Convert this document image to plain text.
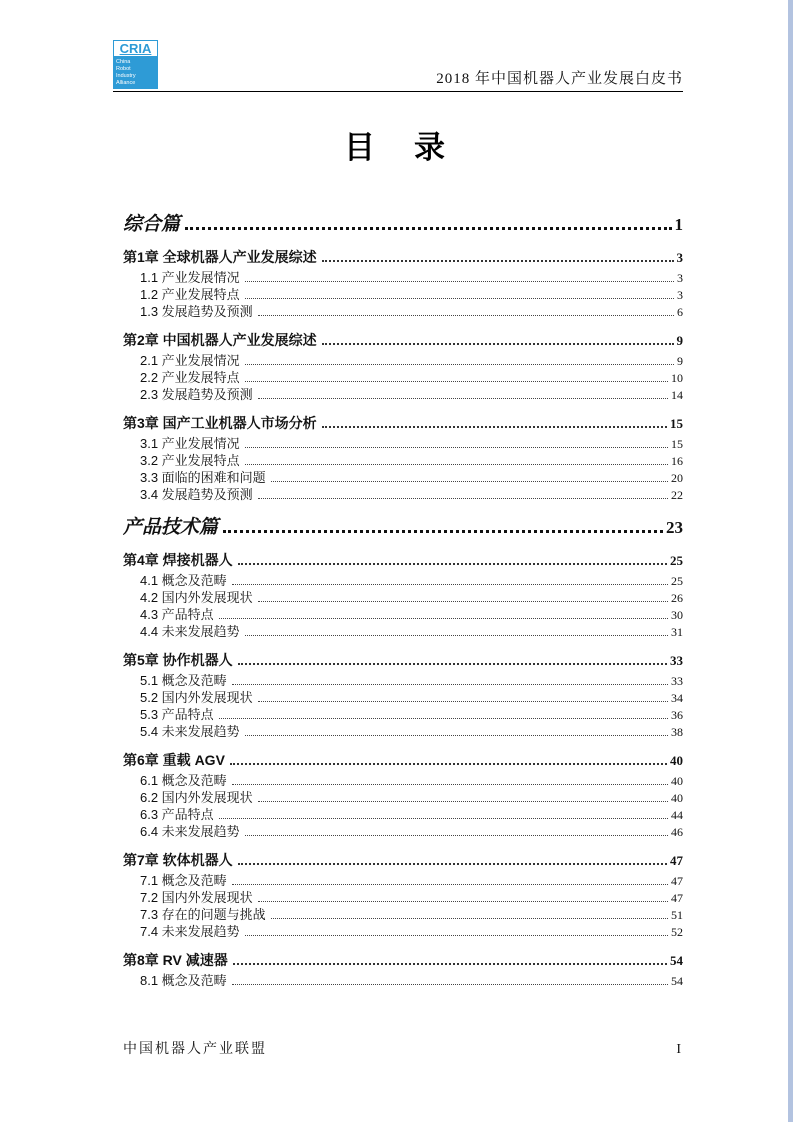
CRIA
China
Robot
Industry
Alliance	2018 年中国机器人产业发展白皮书
目　录
综合篇	1
第1章 全球机器人产业发展综述	3
1.1 产业发展情况	3
1.2 产业发展特点	3
1.3 发展趋势及预测	6
第2章 中国机器人产业发展综述	9
2.1 产业发展情况	9
2.2 产业发展特点	10
2.3 发展趋势及预测	14
第3章 国产工业机器人市场分析	15
3.1 产业发展情况	15
3.2 产业发展特点	16
3.3 面临的困难和问题	20
3.4 发展趋势及预测	22
产品技术篇	23
第4章 焊接机器人	25
4.1 概念及范畴	25
4.2 国内外发展现状	26
4.3 产品特点	30
4.4 未来发展趋势	31
第5章 协作机器人	33
5.1 概念及范畴	33
5.2 国内外发展现状	34
5.3 产品特点	36
5.4 未来发展趋势	38
第6章 重载 AGV	40
6.1 概念及范畴	40
6.2 国内外发展现状	40
6.3 产品特点	44
6.4 未来发展趋势	46
第7章 软体机器人	47
7.1 概念及范畴	47
7.2 国内外发展现状	47
7.3 存在的问题与挑战	51
7.4 未来发展趋势	52
第8章 RV 减速器	54
8.1 概念及范畴	54
中国机器人产业联盟	I
